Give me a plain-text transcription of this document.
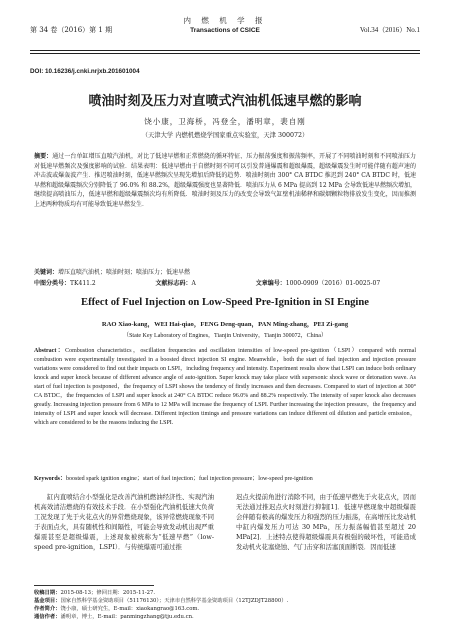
第 34 卷（2016）第 1 期
内 燃 机 学 报
Transactions of CSICE	Vol.34（2016）No.1
DOI: 10.16236/j.cnki.nrjxb.201601004
喷油时刻及压力对直喷式汽油机低速早燃的影响
饶小康，卫海桥，冯登全，潘明章，裴自刚
（天津大学 内燃机燃烧学国家重点实验室，天津 300072）
摘要：通过一台单缸增压直喷汽油机，对比了低速早燃和正常燃烧的循环特征、压力振荡强度和振荡频率，开展了不同喷油时刻和不同喷油压力对低速早燃频次及强度影响的试验．结果表明：低速早燃由于自燃时刻不同可以引发普通爆震和超级爆震，超级爆震发生时可能伴随有超声速的冲击波或爆轰波产生．推迟喷油时刻，低速早燃频次呈现先增加后降低的趋势．喷油时刻由 300° CA BTDC 推迟到 240° CA BTDC 时，低速早燃和超级爆震频次分别降低了 96.0% 和 88.2%，超级爆震强度也显著降低．喷油压力从 6 MPa 提高到 12 MPa 会导致低速早燃频次增加，继续提高喷油压力，低速早燃和超级爆震频次均有所降低．喷油时刻及压力的改变会导致气缸壁机油稀释和碳烟颗粒物排放发生变化，因而推测上述两种物质均有可能导致低速早燃发生．
关键词：增压直喷汽油机；喷油时刻；喷油压力；低速早燃
中图分类号：TK411.2	文献标志码：A	文章编号：1000-0909（2016）01-0025-07
Effect of Fuel Injection on Low-Speed Pre-Ignition in SI Engine
RAO Xiao-kang，WEI Hai-qiao，FENG Deng-quan，PAN Ming-zhang，PEI Zi-gang
（State Key Laboratory of Engines，Tianjin University，Tianjin 300072，China）
Abstract：Combustion characteristics，oscillation frequencies and oscillation intensities of low-speed pre-ignition（LSPI）compared with normal combustion were experimentally investigated in a boosted direct injection SI engine. Meanwhile，both the start of fuel injection and injection pressure variations were considered to find out their impacts on LSPI，including frequency and intensity. Experiment results show that LSPI can induce both ordinary knock and super knock because of different advance angle of auto-ignition. Super knock may take place with supersonic shock wave or detonation wave. As start of fuel injection is postponed，the frequency of LSPI shows the tendency of firstly increases and then decreases. Compared to start of injection at 300° CA BTDC，the frequencies of LSPI and super knock at 240° CA BTDC reduce 96.0% and 88.2% respectively. The intensity of super knock also decreases greatly. Increasing injection pressure from 6 MPa to 12 MPa will increase the frequency of LSPI. Further increasing the injection pressure，the frequency and intensity of LSPI and super knock will decrease. Different injection timings and pressure variations can induce different oil dilution and particle emission，which are considered to be the reasons inducing the LSPI.
Keywords：boosted spark ignition engine；start of fuel injection；fuel injection pressure；low-speed pre-ignition
缸内直喷结合小型强化是改善汽油机燃油经济性、实现汽油机高效清洁燃烧的有效技术手段．在小型强化汽油机低速大负荷工况发现了先于火花点火的异常燃烧现象，该异常燃烧现象不同于表面点火，具有随机性和间隔性，可能会导致发动机出现严重爆震甚至是超级爆震，上述现象被统称为“低速早燃”（low-speed pre-ignition，LSPI）．与传统爆震可通过推
迟点火提前角进行消除不同，由于低速早燃先于火花点火，因而无法通过推迟点火时刻进行抑制[1]．低速早燃现象中超级爆震会伴随有极高的爆发压力和强烈的压力振荡，在高增压比发动机中缸内爆发压力可达 30 MPa，压力振荡幅值甚至超过 20 MPa[2]．上述特点使得超级爆震具有极强的破坏性，可能造成发动机火花塞烧蚀、气门击穿和活塞顶面断裂．因而低速
收稿日期：2015-08-13；修回日期：2015-11-27.
基金项目：国家自然科学基金资助项目（51176130）；天津市自然科学基金资助项目（12TJZDJT28800）.
作者简介：饶小康，硕士研究生，E-mail：xiaokangrao@163.com.
通信作者：潘明章，博士，E-mail：panmingzhang@tju.edu.cn.
